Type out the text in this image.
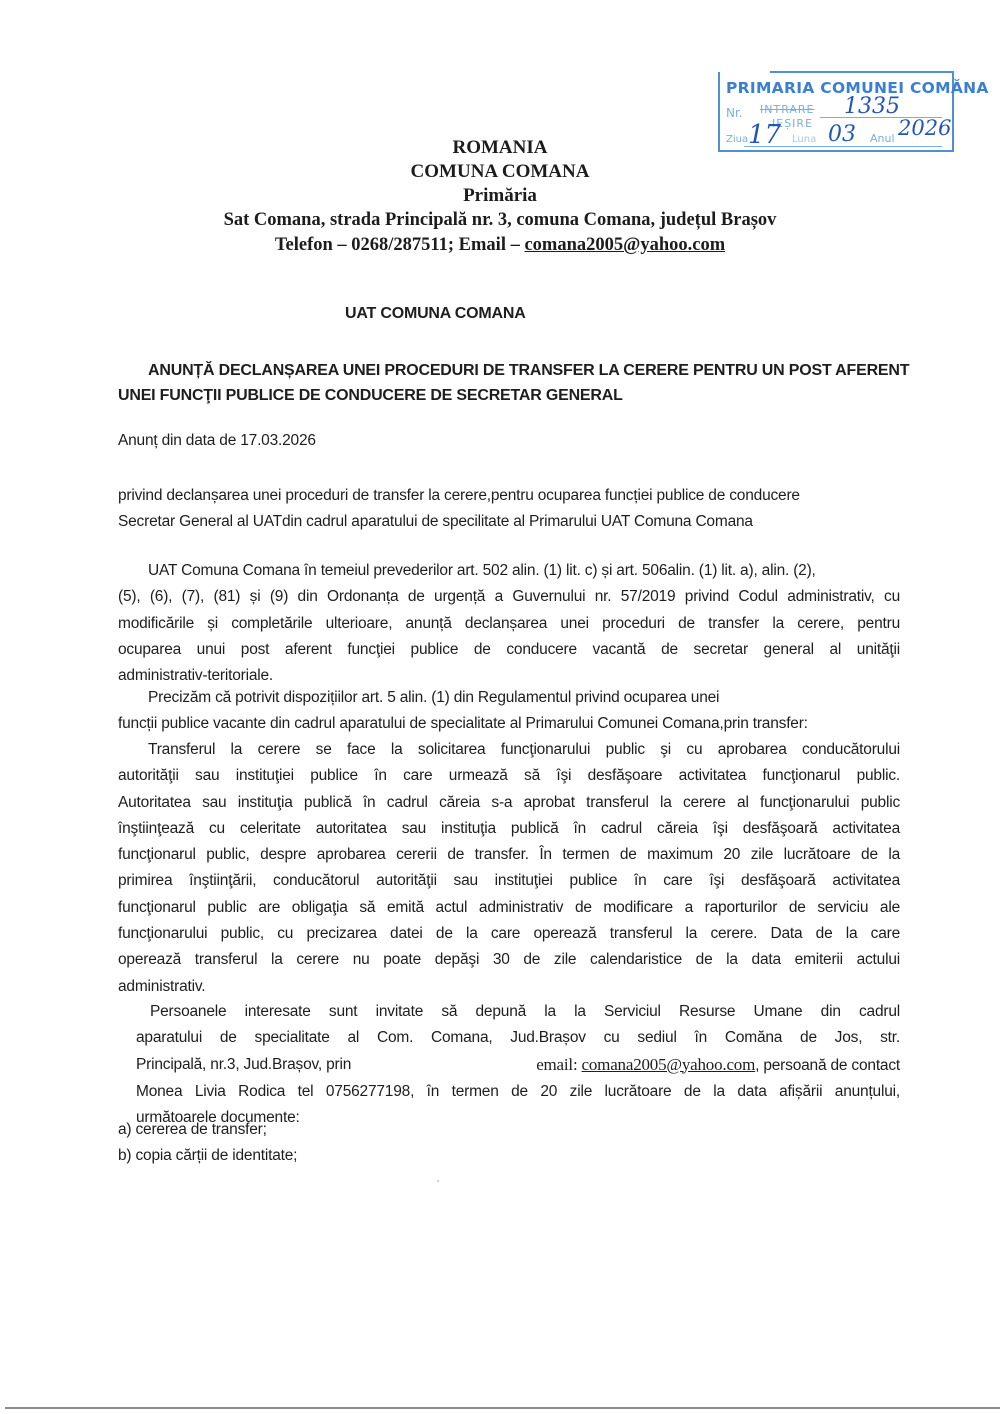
PRIMARIA COMUNEI COMĂNA
Nr. INTRARE
IEȘIRE
Ziua	Luna	Anul
1335
17 03 2026
ROMANIA
COMUNA COMANA
Primăria
Sat Comana, strada Principală nr. 3, comuna Comana, județul Brașov
Telefon – 0268/287511; Email – comana2005@yahoo.com
UAT COMUNA COMANA
ANUNȚĂ DECLANȘAREA UNEI PROCEDURI DE TRANSFER LA CERERE PENTRU UN POST AFERENT
UNEI FUNCŢII PUBLICE DE CONDUCERE DE SECRETAR GENERAL
Anunț din data de 17.03.2026
privind declanșarea unei proceduri de transfer la cerere,pentru ocuparea funcției publice de conducere
Secretar General al UATdin cadrul aparatului de specilitate al Primarului UAT Comuna Comana
UAT Comuna Comana în temeiul prevederilor art. 502 alin. (1) lit. c) și art. 506alin. (1) lit. a), alin. (2),
(5), (6), (7), (81) și (9) din Ordonanța de urgență a Guvernului nr. 57/2019 privind Codul administrativ, cu
modificările și completările ulterioare, anunță declanșarea unei proceduri de transfer la cerere, pentru
ocuparea unui post aferent funcţiei publice de conducere vacantă de secretar general al unităţii
administrativ-teritoriale.
Precizăm că potrivit dispozițiilor art. 5 alin. (1) din Regulamentul privind ocuparea unei
funcții publice vacante din cadrul aparatului de specialitate al Primarului Comunei Comana,prin transfer:
Transferul la cerere se face la solicitarea funcţionarului public şi cu aprobarea conducătorului
autorităţii sau instituţiei publice în care urmează să îşi desfăşoare activitatea funcţionarul public.
Autoritatea sau instituţia publică în cadrul căreia s-a aprobat transferul la cerere al funcţionarului public
înştiinţează cu celeritate autoritatea sau instituţia publică în cadrul căreia îşi desfăşoară activitatea
funcţionarul public, despre aprobarea cererii de transfer. În termen de maximum 20 zile lucrătoare de la
primirea înştiinţării, conducătorul autorităţii sau instituţiei publice în care îşi desfăşoară activitatea
funcţionarul public are obligaţia să emită actul administrativ de modificare a raporturilor de serviciu ale
funcţionarului public, cu precizarea datei de la care operează transferul la cerere. Data de la care
operează transferul la cerere nu poate depăşi 30 de zile calendaristice de la data emiterii actului
administrativ.
Persoanele interesate sunt invitate să depună la la Serviciul Resurse Umane din cadrul
aparatului de specialitate al Com. Comana, Jud.Brașov cu sediul în Comăna de Jos, str.
Principală, nr.3, Jud.Brașov, prin	email: comana2005@yahoo.com, persoană de contact
Monea Livia Rodica tel 0756277198, în termen de 20 zile lucrătoare de la data afișării anunțului,
următoarele documente:
a) cererea de transfer;
b) copia cărții de identitate;
